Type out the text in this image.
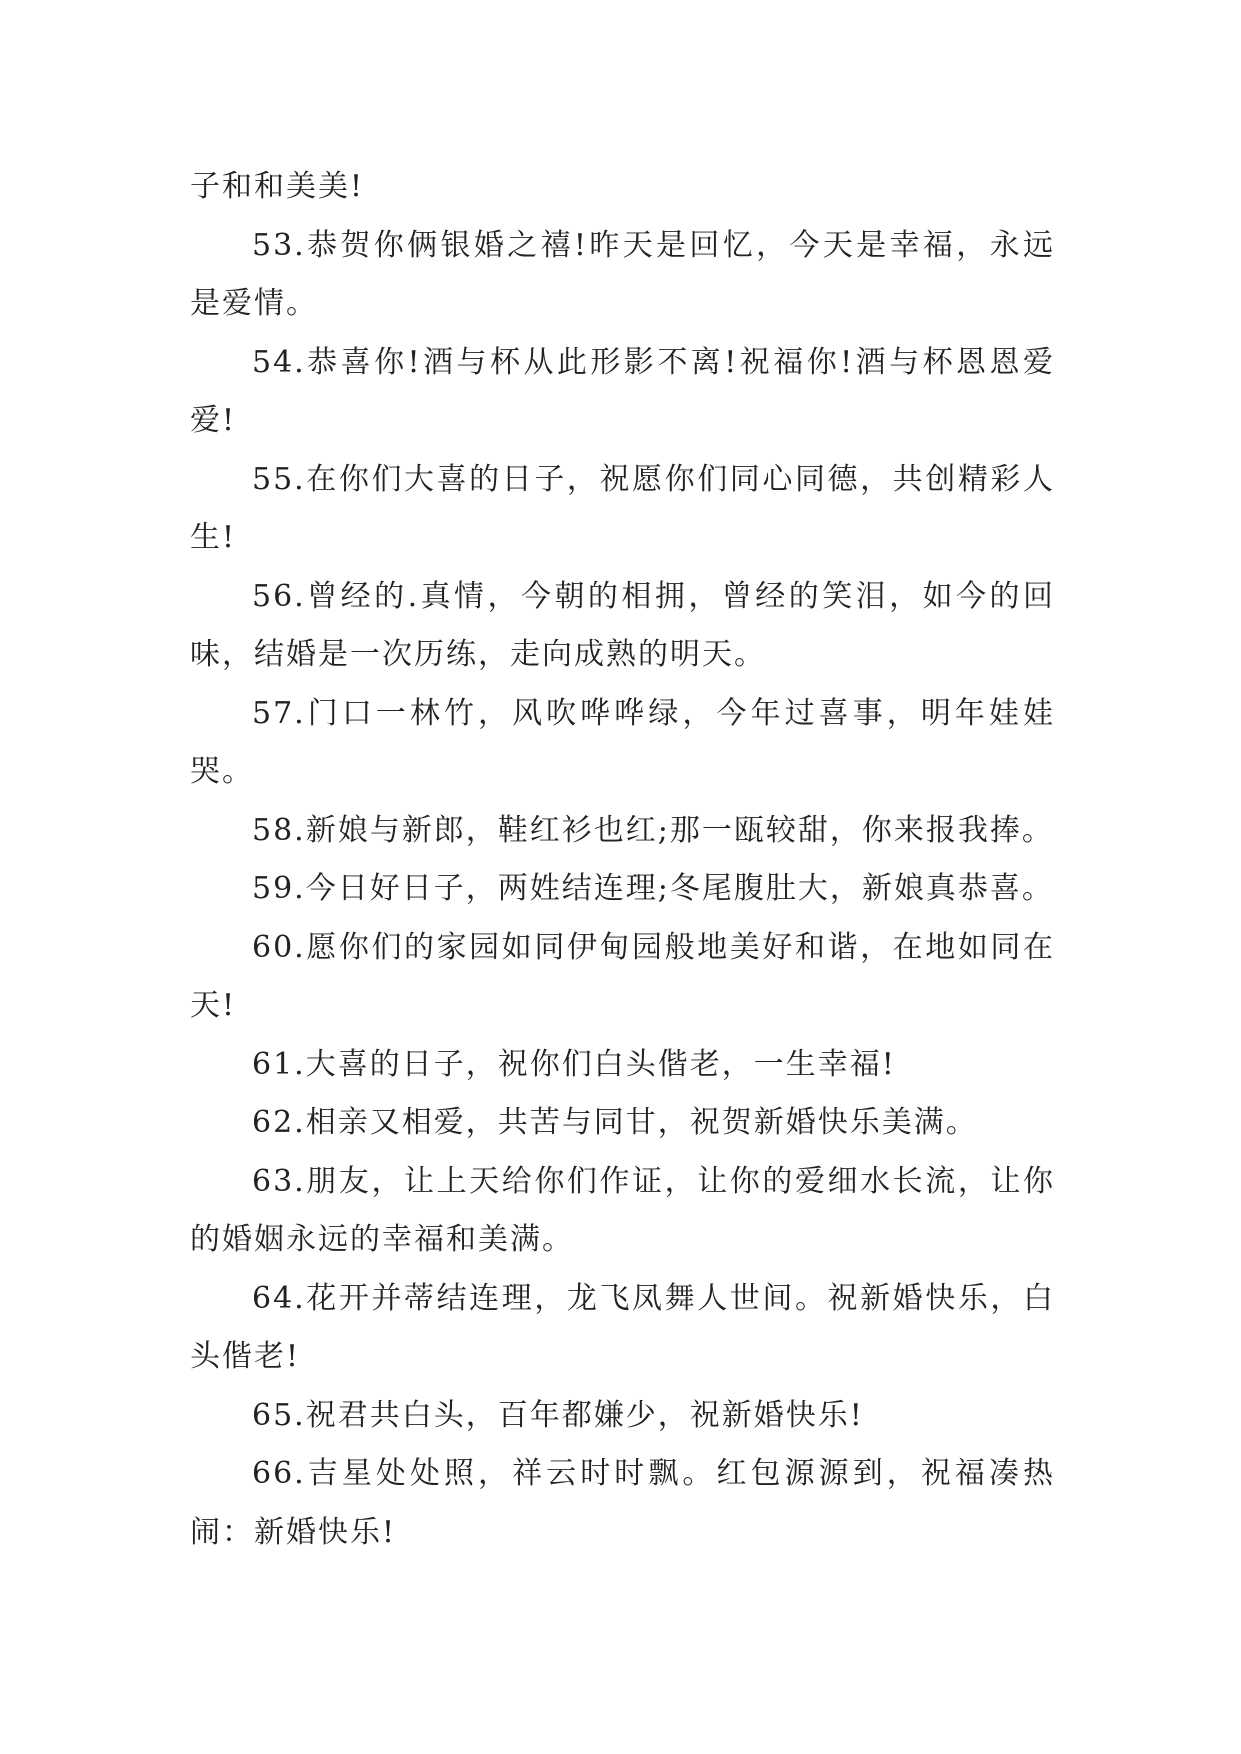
子和和美美!

53.恭贺你俩银婚之禧!昨天是回忆，今天是幸福，永远是爱情。

54.恭喜你!酒与杯从此形影不离!祝福你!酒与杯恩恩爱爱!

55.在你们大喜的日子，祝愿你们同心同德，共创精彩人生!

56.曾经的.真情，今朝的相拥，曾经的笑泪，如今的回味，结婚是一次历练，走向成熟的明天。

57.门口一林竹，风吹哗哗绿，今年过喜事，明年娃娃哭。

58.新娘与新郎，鞋红衫也红;那一瓯较甜，你来报我捧。

59.今日好日子，两姓结连理;冬尾腹肚大，新娘真恭喜。

60.愿你们的家园如同伊甸园般地美好和谐，在地如同在天!

61.大喜的日子，祝你们白头偕老，一生幸福!

62.相亲又相爱，共苦与同甘，祝贺新婚快乐美满。

63.朋友，让上天给你们作证，让你的爱细水长流，让你的婚姻永远的幸福和美满。

64.花开并蒂结连理，龙飞凤舞人世间。祝新婚快乐，白头偕老!

65.祝君共白头，百年都嫌少，祝新婚快乐!

66.吉星处处照，祥云时时飘。红包源源到，祝福凑热闹：新婚快乐!
